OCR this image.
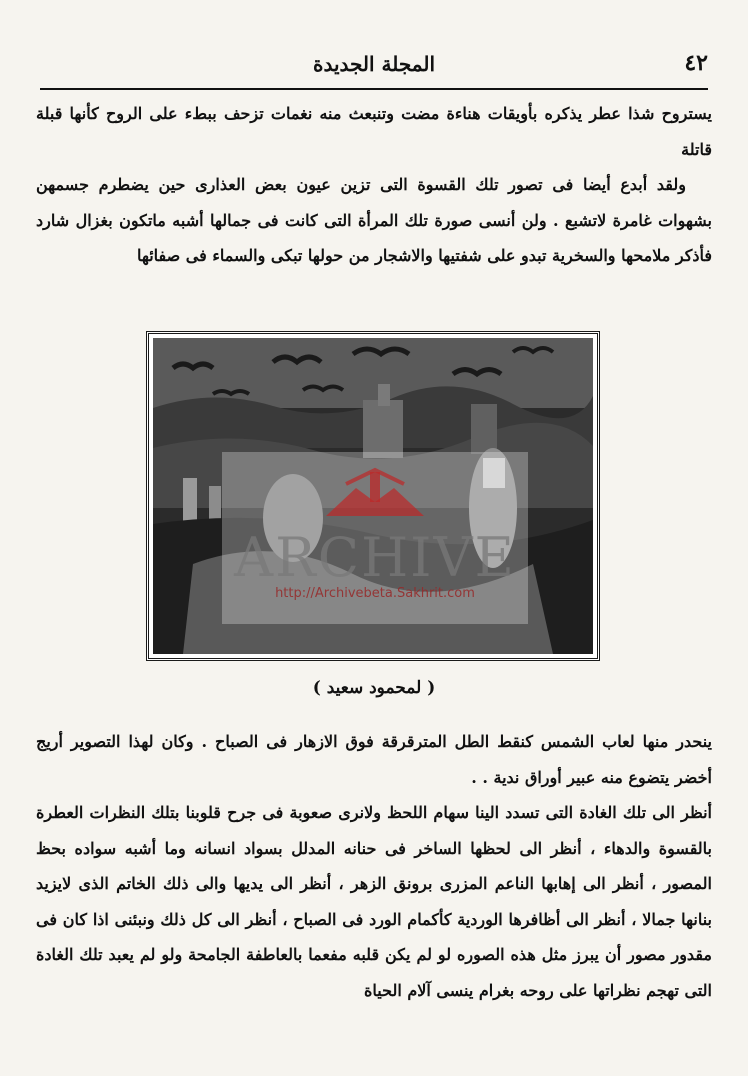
٤٢
المجلة الجديدة

يستروح شذا عطر يذكره بأويقات هناءة مضت وتنبعث منه نغمات تزحف ببطء على الروح كأنها قبلة قاتلة

ولقد أبدع أيضا فى تصور تلك القسوة التى تزين عيون بعض العذارى حين يضطرم جسمهن بشهوات غامرة لاتشبع . ولن أنسى صورة تلك المرأة التى كانت فى جمالها أشبه ماتكون بغزال شارد فأذكر ملامحها والسخرية تبدو على شفتيها والاشجار من حولها تبكى والسماء فى صفائها

ARCHIVE
http://Archivebeta.Sakhrit.com
( لمحمود سعيد )

ينحدر منها لعاب الشمس كنقط الطل المترقرقة فوق الازهار فى الصباح . وكان لهذا التصوير أريج أخضر يتضوع منه عبير أوراق ندية . .

أنظر الى تلك الغادة التى تسدد الينا سهام اللحظ ولانرى صعوبة فى جرح قلوبنا بتلك النظرات العطرة بالقسوة والدهاء ، أنظر الى لحظها الساخر فى حنانه المدلل بسواد انسانه وما أشبه سواده بحظ المصور ، أنظر الى إهابها الناعم المزرى برونق الزهر ، أنظر الى يديها والى ذلك الخاتم الذى لايزيد بنانها جمالا ، أنظر الى أظافرها الوردية كأكمام الورد فى الصباح ، أنظر الى كل ذلك ونبئنى اذا كان فى مقدور مصور أن يبرز مثل هذه الصوره لو لم يكن قلبه مفعما بالعاطفة الجامحة ولو لم يعبد تلك الغادة التى تهجم نظراتها على روحه بغرام ينسى آلام الحياة
